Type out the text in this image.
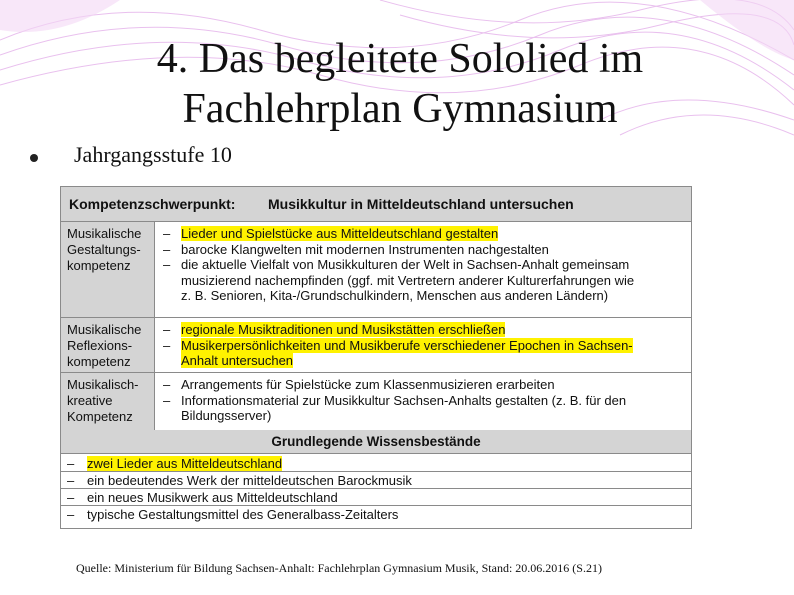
4. Das begleitete Sololied im
Fachlehrplan Gymnasium
Jahrgangsstufe 10
Kompetenzschwerpunkt: Musikkultur in Mitteldeutschland untersuchen
Musikalische
Gestaltungs-
kompetenz
– Lieder und Spielstücke aus Mitteldeutschland gestalten
– barocke Klangwelten mit modernen Instrumenten nachgestalten
– die aktuelle Vielfalt von Musikkulturen der Welt in Sachsen-Anhalt gemeinsam
musizierend nachempfinden (ggf. mit Vertretern anderer Kulturerfahrungen wie
z. B. Senioren, Kita-/Grundschulkindern, Menschen aus anderen Ländern)
Musikalische
Reflexions-
kompetenz
– regionale Musiktraditionen und Musikstätten erschließen
– Musikerpersönlichkeiten und Musikberufe verschiedener Epochen in Sachsen-
Anhalt untersuchen
Musikalisch-
kreative
Kompetenz
– Arrangements für Spielstücke zum Klassenmusizieren erarbeiten
– Informationsmaterial zur Musikkultur Sachsen-Anhalts gestalten (z. B. für den
Bildungsserver)
Grundlegende Wissensbestände
– zwei Lieder aus Mitteldeutschland
– ein bedeutendes Werk der mitteldeutschen Barockmusik
– ein neues Musikwerk aus Mitteldeutschland
– typische Gestaltungsmittel des Generalbass-Zeitalters
Quelle: Ministerium für Bildung Sachsen-Anhalt: Fachlehrplan Gymnasium Musik, Stand: 20.06.2016 (S.21)
